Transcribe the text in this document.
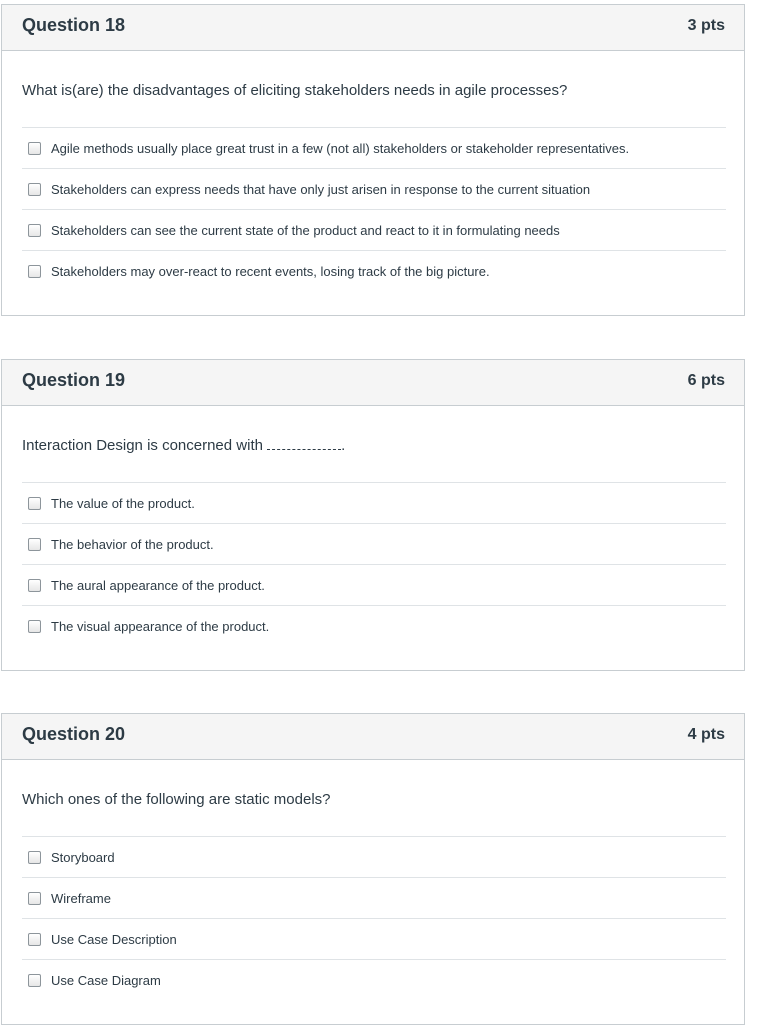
Question 18	3 pts
What is(are) the disadvantages of eliciting stakeholders needs in agile processes?
Agile methods usually place great trust in a few (not all) stakeholders or stakeholder representatives.
Stakeholders can express needs that have only just arisen in response to the current situation
Stakeholders can see the current state of the product and react to it in formulating needs
Stakeholders may over-react to recent events, losing track of the big picture.
Question 19	6 pts
Interaction Design is concerned with	.
The value of the product.
The behavior of the product.
The aural appearance of the product.
The visual appearance of the product.
Question 20	4 pts
Which ones of the following are static models?
Storyboard
Wireframe
Use Case Description
Use Case Diagram
